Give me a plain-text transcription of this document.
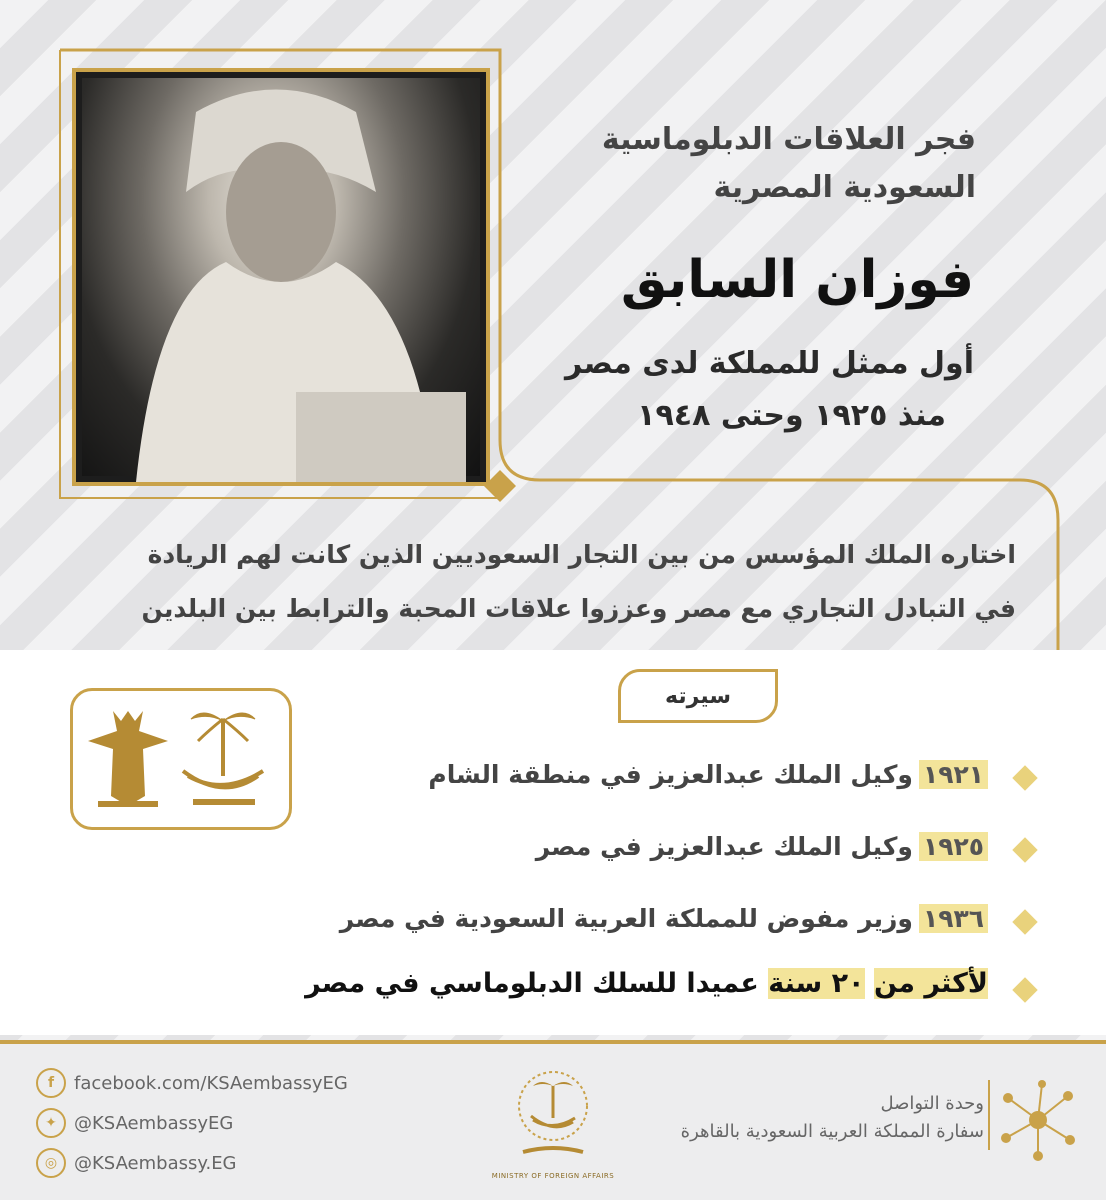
فجر العلاقات الدبلوماسية
السعودية المصرية
فوزان السابق
أول ممثل للمملكة لدى مصر
منذ ١٩٢٥ وحتى ١٩٤٨
اختاره الملك المؤسس من بين التجار السعوديين الذين كانت لهم الريادة
في التبادل التجاري مع مصر وعززوا علاقات المحبة والترابط بين البلدين
سيرته
١٩٢١وكيل الملك عبدالعزيز في منطقة الشام
١٩٢٥وكيل الملك عبدالعزيز في مصر
١٩٣٦وزير مفوض للمملكة العربية السعودية في مصر
لأكثر من ٢٠ سنة عميدا للسلك الدبلوماسي في مصر
f	facebook.com/KSAembassyEG
✦ @KSAembassyEG
◎ @KSAembassy.EG
MINISTRY OF FOREIGN AFFAIRS
وحدة التواصل
سفارة المملكة العربية السعودية بالقاهرة
